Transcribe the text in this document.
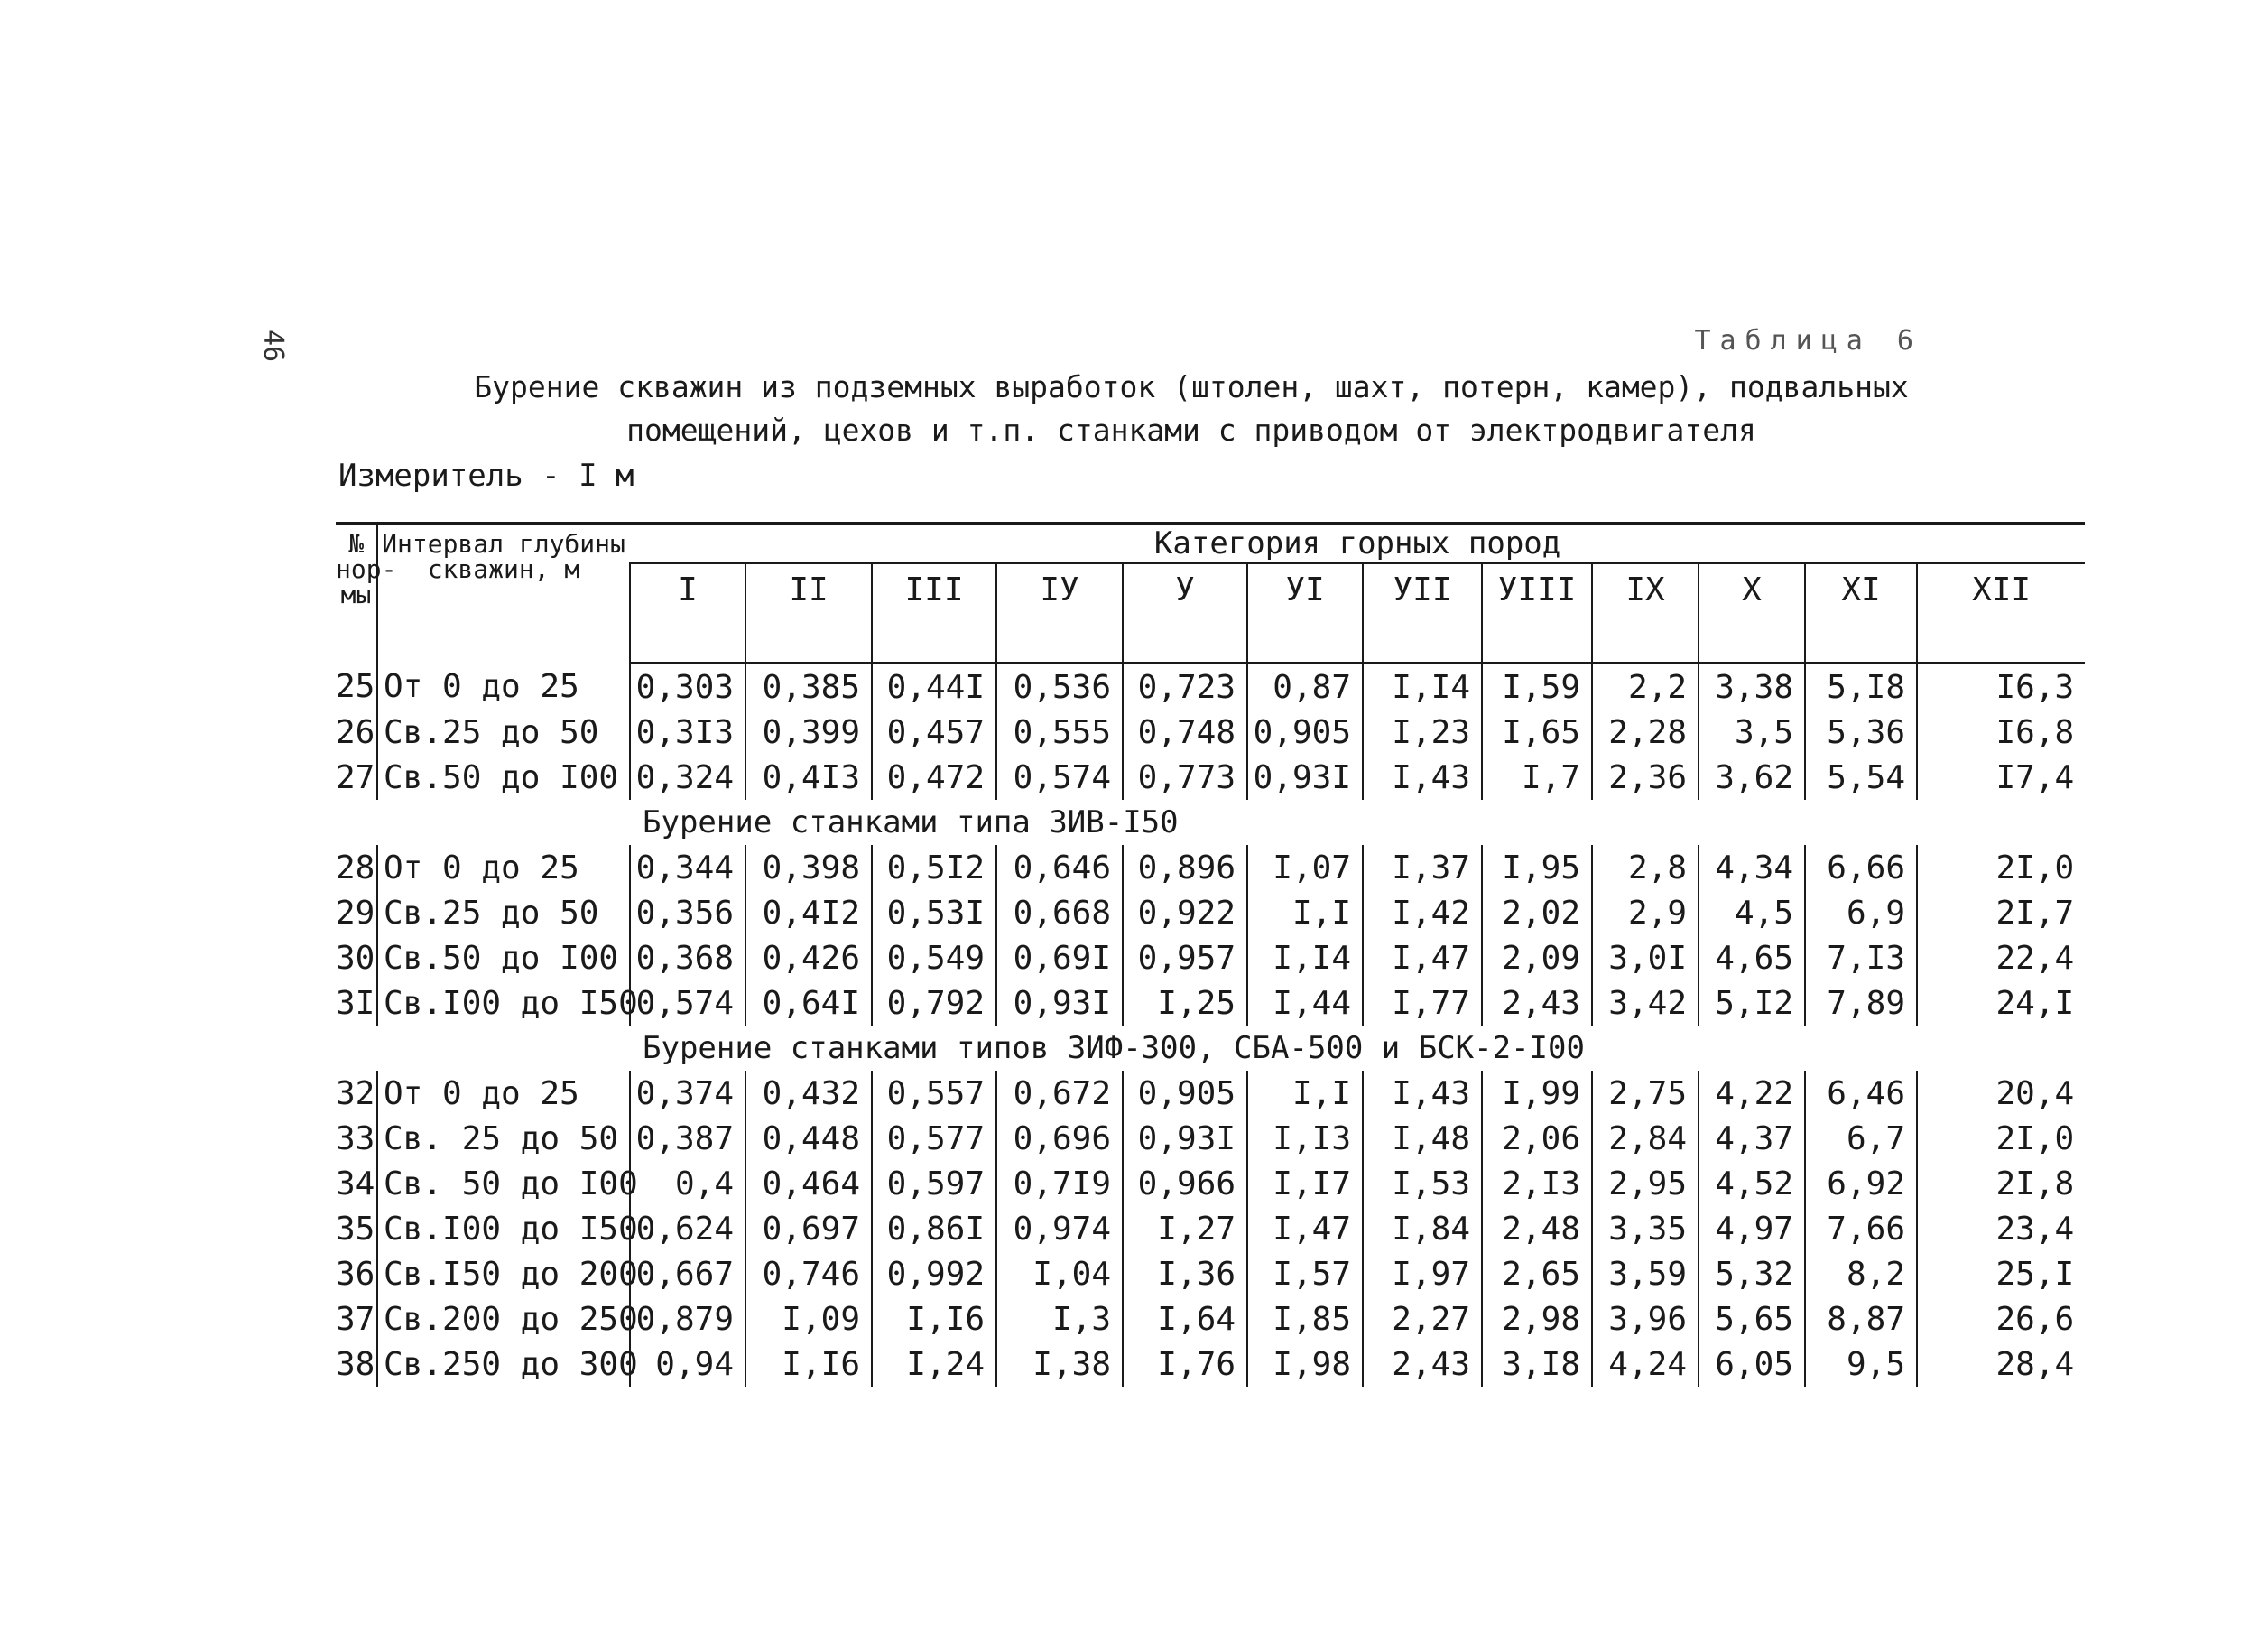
46	Таблица 6
Бурение скважин из подземных выработок (штолен, шахт, потерн, камер), подвальных
помещений, цехов и т.п. станками с приводом от электродвигателя
Измеритель - I м
№ нор- мы	Интервал глубины скважин, м	Категория горных пород											
		I	II	III	IУ	У	УI	УII	УIII	IX	X	XI	XII
25	От 0 до 25	0,303	0,385	0,44I	0,536	0,723	0,87	I,I4	I,59	2,2	3,38	5,I8	I6,3
26	Св.25 до 50	0,3I3	0,399	0,457	0,555	0,748	0,905	I,23	I,65	2,28	3,5	5,36	I6,8
27	Св.50 до I00	0,324	0,4I3	0,472	0,574	0,773	0,93I	I,43	I,7	2,36	3,62	5,54	I7,4
Бурение станками типа ЗИВ-I50													
28	От 0 до 25	0,344	0,398	0,5I2	0,646	0,896	I,07	I,37	I,95	2,8	4,34	6,66	2I,0
29	Св.25 до 50	0,356	0,4I2	0,53I	0,668	0,922	I,I	I,42	2,02	2,9	4,5	6,9	2I,7
30	Св.50 до I00	0,368	0,426	0,549	0,69I	0,957	I,I4	I,47	2,09	3,0I	4,65	7,I3	22,4
3I	Св.I00 до I50	0,574	0,64I	0,792	0,93I	I,25	I,44	I,77	2,43	3,42	5,I2	7,89	24,I
Бурение станками типов ЗИФ-300, СБА-500 и БСК-2-I00													
32	От 0 до 25	0,374	0,432	0,557	0,672	0,905	I,I	I,43	I,99	2,75	4,22	6,46	20,4
33	Св. 25 до 50	0,387	0,448	0,577	0,696	0,93I	I,I3	I,48	2,06	2,84	4,37	6,7	2I,0
34	Св. 50 до I00	0,4	0,464	0,597	0,7I9	0,966	I,I7	I,53	2,I3	2,95	4,52	6,92	2I,8
35	Св.I00 до I50	0,624	0,697	0,86I	0,974	I,27	I,47	I,84	2,48	3,35	4,97	7,66	23,4
36	Св.I50 до 200	0,667	0,746	0,992	I,04	I,36	I,57	I,97	2,65	3,59	5,32	8,2	25,I
37	Св.200 до 250	0,879	I,09	I,I6	I,3	I,64	I,85	2,27	2,98	3,96	5,65	8,87	26,6
38	Св.250 до 300	0,94	I,I6	I,24	I,38	I,76	I,98	2,43	3,I8	4,24	6,05	9,5	28,4
